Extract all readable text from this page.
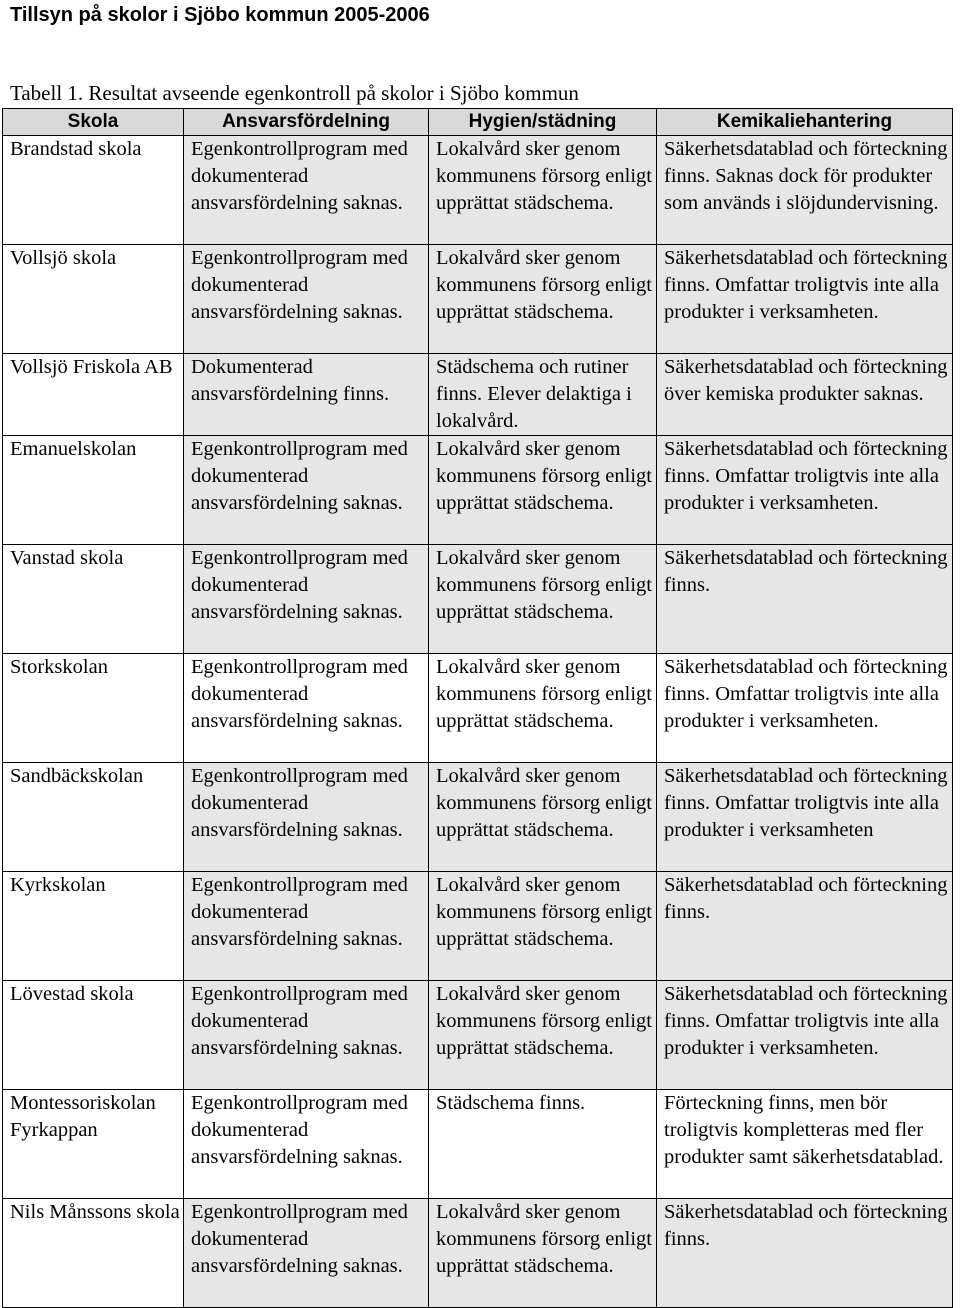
Tillsyn på skolor i Sjöbo kommun 2005-2006
Tabell 1. Resultat avseende egenkontroll på skolor i Sjöbo kommun
Skola	Ansvarsfördelning	Hygien/städning	Kemikaliehantering
Brandstad skola	Egenkontrollprogram med dokumenterad ansvarsfördelning saknas.	Lokalvård sker genom kommunens försorg enligt upprättat städschema.	Säkerhetsdatablad och förteckning finns. Saknas dock för produkter som används i slöjdundervisning.
Vollsjö skola	Egenkontrollprogram med dokumenterad ansvarsfördelning saknas.	Lokalvård sker genom kommunens försorg enligt upprättat städschema.	Säkerhetsdatablad och förteckning finns. Omfattar troligtvis inte alla produkter i verksamheten.
Vollsjö Friskola AB	Dokumenterad ansvarsfördelning finns.	Städschema och rutiner finns. Elever delaktiga i lokalvård.	Säkerhetsdatablad och förteckning över kemiska produkter saknas.
Emanuelskolan	Egenkontrollprogram med dokumenterad ansvarsfördelning saknas.	Lokalvård sker genom kommunens försorg enligt upprättat städschema.	Säkerhetsdatablad och förteckning finns. Omfattar troligtvis inte alla produkter i verksamheten.
Vanstad skola	Egenkontrollprogram med dokumenterad ansvarsfördelning saknas.	Lokalvård sker genom kommunens försorg enligt upprättat städschema.	Säkerhetsdatablad och förteckning finns.
Storkskolan	Egenkontrollprogram med dokumenterad ansvarsfördelning saknas.	Lokalvård sker genom kommunens försorg enligt upprättat städschema.	Säkerhetsdatablad och förteckning finns. Omfattar troligtvis inte alla produkter i verksamheten.
Sandbäckskolan	Egenkontrollprogram med dokumenterad ansvarsfördelning saknas.	Lokalvård sker genom kommunens försorg enligt upprättat städschema.	Säkerhetsdatablad och förteckning finns. Omfattar troligtvis inte alla produkter i verksamheten
Kyrkskolan	Egenkontrollprogram med dokumenterad ansvarsfördelning saknas.	Lokalvård sker genom kommunens försorg enligt upprättat städschema.	Säkerhetsdatablad och förteckning finns.
Lövestad skola	Egenkontrollprogram med dokumenterad ansvarsfördelning saknas.	Lokalvård sker genom kommunens försorg enligt upprättat städschema.	Säkerhetsdatablad och förteckning finns. Omfattar troligtvis inte alla produkter i verksamheten.
Montessoriskolan Fyrkappan	Egenkontrollprogram med dokumenterad ansvarsfördelning saknas.	Städschema finns.	Förteckning finns, men bör troligtvis kompletteras med fler produkter samt säkerhetsdatablad.
Nils Månssons skola	Egenkontrollprogram med dokumenterad ansvarsfördelning saknas.	Lokalvård sker genom kommunens försorg enligt upprättat städschema.	Säkerhetsdatablad och förteckning finns.
